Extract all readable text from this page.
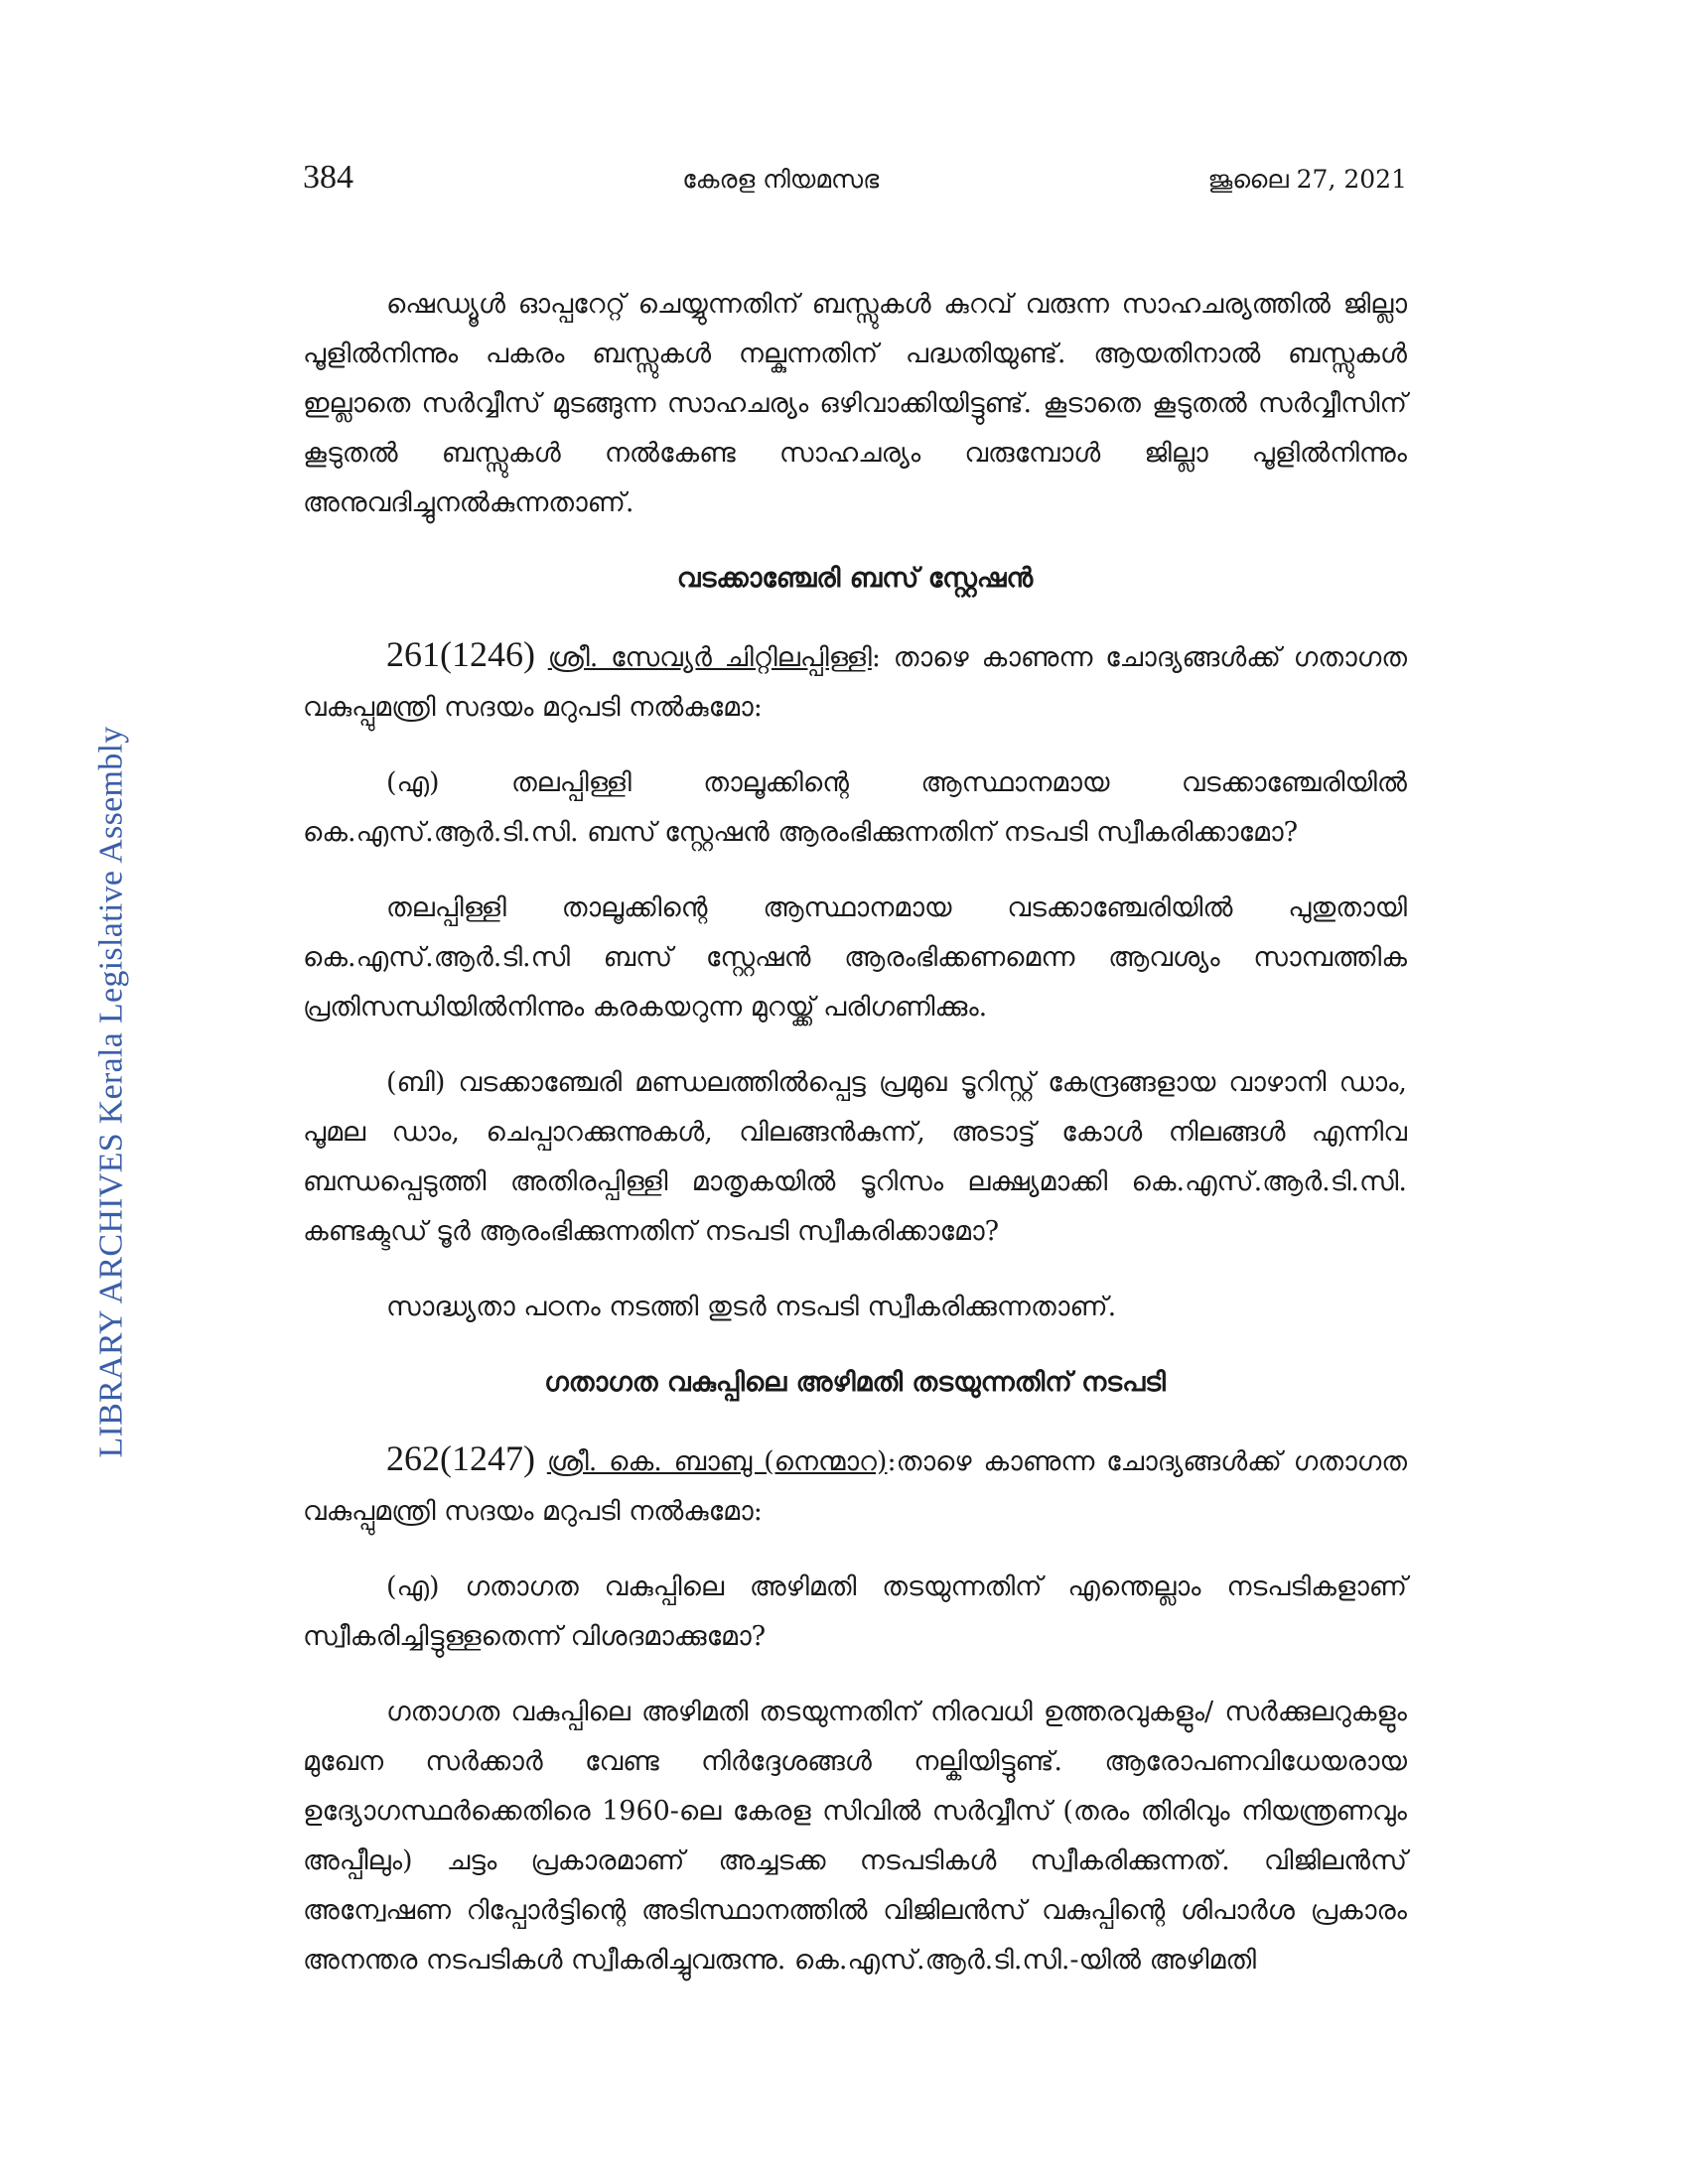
LIBRARY ARCHIVES Kerala Legislative Assembly
384	കേരള നിയമസഭ	ജൂലൈ 27, 2021

ഷെഡ്യൂൾ ഓപ്പറേറ്റ് ചെയ്യുന്നതിന് ബസ്സുകൾ കുറവ് വരുന്ന സാഹചര്യത്തിൽ ജില്ലാ പൂളിൽനിന്നും പകരം ബസ്സുകൾ നല്കുന്നതിന് പദ്ധതിയുണ്ട്. ആയതിനാൽ ബസ്സുകൾ ഇല്ലാതെ സർവ്വീസ് മുടങ്ങുന്ന സാഹചര്യം ഒഴിവാക്കിയിട്ടുണ്ട്. കൂടാതെ കൂടുതൽ സർവ്വീസിന് കൂടുതൽ ബസ്സുകൾ നൽകേണ്ട സാഹചര്യം വരുമ്പോൾ ജില്ലാ പൂളിൽനിന്നും അനുവദിച്ചുനൽകുന്നതാണ്.

വടക്കാഞ്ചേരി ബസ് സ്റ്റേഷൻ

261(1246) ശ്രീ. സേവ്യർ ചിറ്റിലപ്പിള്ളി: താഴെ കാണുന്ന ചോദ്യങ്ങൾക്ക് ഗതാഗത വകുപ്പുമന്ത്രി സദയം മറുപടി നൽകുമോ:

(എ) തലപ്പിള്ളി താലൂക്കിന്റെ ആസ്ഥാനമായ വടക്കാഞ്ചേരിയിൽ കെ.എസ്.ആർ.ടി.സി. ബസ് സ്റ്റേഷൻ ആരംഭിക്കുന്നതിന് നടപടി സ്വീകരിക്കാമോ?

തലപ്പിള്ളി താലൂക്കിന്റെ ആസ്ഥാനമായ വടക്കാഞ്ചേരിയിൽ പുതുതായി കെ.എസ്.ആർ.ടി.സി ബസ് സ്റ്റേഷൻ ആരംഭിക്കണമെന്ന ആവശ്യം സാമ്പത്തിക പ്രതിസന്ധിയിൽനിന്നും കരകയറുന്ന മുറയ്ക്ക് പരിഗണിക്കും.

(ബി) വടക്കാഞ്ചേരി മണ്ഡലത്തിൽപ്പെട്ട പ്രമുഖ ടൂറിസ്റ്റ് കേന്ദ്രങ്ങളായ വാഴാനി ഡാം, പൂമല ഡാം, ചെപ്പാറക്കുന്നുകൾ, വിലങ്ങൻകുന്ന്, അടാട്ട് കോൾ നിലങ്ങൾ എന്നിവ ബന്ധപ്പെടുത്തി അതിരപ്പിള്ളി മാതൃകയിൽ ടൂറിസം ലക്ഷ്യമാക്കി കെ.എസ്.ആർ.ടി.സി. കണ്ടക്ടഡ് ടൂർ ആരംഭിക്കുന്നതിന് നടപടി സ്വീകരിക്കാമോ?

സാദ്ധ്യതാ പഠനം നടത്തി തുടർ നടപടി സ്വീകരിക്കുന്നതാണ്.

ഗതാഗത വകുപ്പിലെ അഴിമതി തടയുന്നതിന് നടപടി

262(1247) ശ്രീ. കെ. ബാബു (നെന്മാറ):താഴെ കാണുന്ന ചോദ്യങ്ങൾക്ക് ഗതാഗത വകുപ്പുമന്ത്രി സദയം മറുപടി നൽകുമോ:

(എ) ഗതാഗത വകുപ്പിലെ അഴിമതി തടയുന്നതിന് എന്തെല്ലാം നടപടികളാണ് സ്വീകരിച്ചിട്ടുള്ളതെന്ന് വിശദമാക്കുമോ?

ഗതാഗത വകുപ്പിലെ അഴിമതി തടയുന്നതിന് നിരവധി ഉത്തരവുകളും/ സർക്കുലറുകളും മുഖേന സർക്കാർ വേണ്ട നിർദ്ദേശങ്ങൾ നല്കിയിട്ടുണ്ട്. ആരോപണവിധേയരായ ഉദ്യോഗസ്ഥർക്കെതിരെ 1960-ലെ കേരള സിവിൽ സർവ്വീസ് (തരം തിരിവും നിയന്ത്രണവും അപ്പീലും) ചട്ടം പ്രകാരമാണ് അച്ചടക്ക നടപടികൾ സ്വീകരിക്കുന്നത്. വിജിലൻസ് അന്വേഷണ റിപ്പോർട്ടിന്റെ അടിസ്ഥാനത്തിൽ വിജിലൻസ് വകുപ്പിന്റെ ശിപാർശ പ്രകാരം അനന്തര നടപടികൾ സ്വീകരിച്ചുവരുന്നു. കെ.എസ്.ആർ.ടി.സി.-യിൽ അഴിമതി
